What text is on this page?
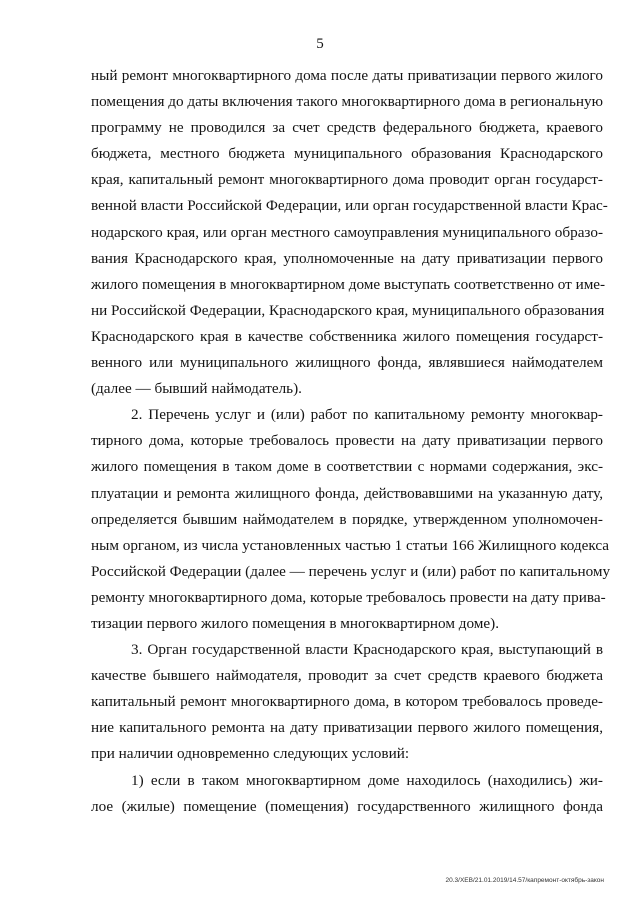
5
ный ремонт многоквартирного дома после даты приватизации первого жилого
помещения до даты включения такого многоквартирного дома в региональную
программу не проводился за счет средств федерального бюджета, краевого
бюджета, местного бюджета муниципального образования Краснодарского
края, капитальный ремонт многоквартирного дома проводит орган государст-
венной власти Российской Федерации, или орган государственной власти Крас-
нодарского края, или орган местного самоуправления муниципального образо-
вания Краснодарского края, уполномоченные на дату приватизации первого
жилого помещения в многоквартирном доме выступать соответственно от име-
ни Российской Федерации, Краснодарского края, муниципального образования
Краснодарского края в качестве собственника жилого помещения государст-
венного или муниципального жилищного фонда, являвшиеся наймодателем
(далее — бывший наймодатель).
2. Перечень услуг и (или) работ по капитальному ремонту многоквар-
тирного дома, которые требовалось провести на дату приватизации первого
жилого помещения в таком доме в соответствии с нормами содержания, экс-
плуатации и ремонта жилищного фонда, действовавшими на указанную дату,
определяется бывшим наймодателем в порядке, утвержденном уполномочен-
ным органом, из числа установленных частью 1 статьи 166 Жилищного кодекса
Российской Федерации (далее — перечень услуг и (или) работ по капитальному
ремонту многоквартирного дома, которые требовалось провести на дату прива-
тизации первого жилого помещения в многоквартирном доме).
3. Орган государственной власти Краснодарского края, выступающий в
качестве бывшего наймодателя, проводит за счет средств краевого бюджета
капитальный ремонт многоквартирного дома, в котором требовалось проведе-
ние капитального ремонта на дату приватизации первого жилого помещения,
при наличии одновременно следующих условий:
1) если в таком многоквартирном доме находилось (находились) жи-
лое (жилые) помещение (помещения) государственного жилищного фонда
20.3/ХЕВ/21.01.2019/14.57/капремонт-октябрь-закон
